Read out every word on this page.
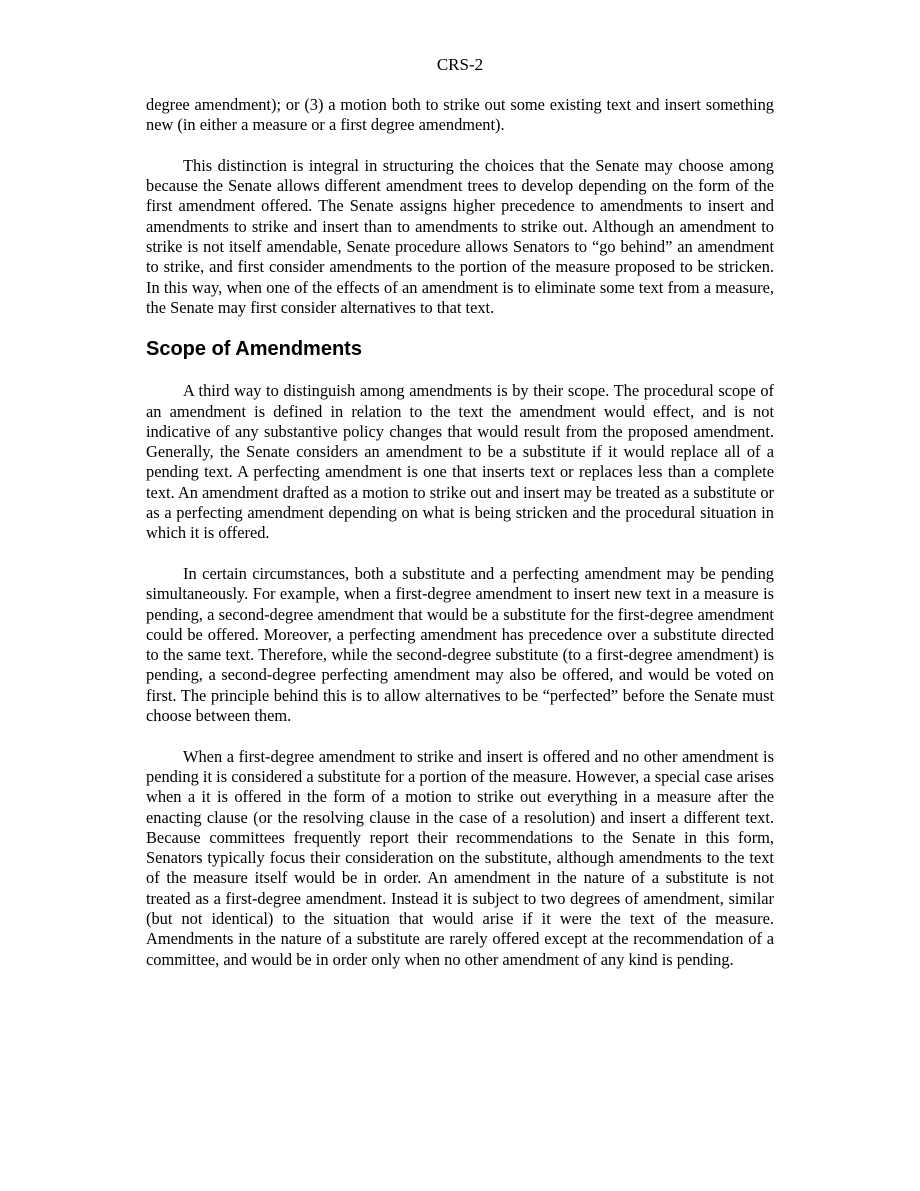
CRS-2

degree amendment); or (3) a motion both to strike out some existing text and insert something new (in either a measure or a first degree amendment).

This distinction is integral in structuring the choices that the Senate may choose among because the Senate allows different amendment trees to develop depending on the form of the first amendment offered. The Senate assigns higher precedence to amendments to insert and amendments to strike and insert than to amendments to strike out. Although an amendment to strike is not itself amendable, Senate procedure allows Senators to “go behind” an amendment to strike, and first consider amendments to the portion of the measure proposed to be stricken. In this way, when one of the effects of an amendment is to eliminate some text from a measure, the Senate may first consider alternatives to that text.

Scope of Amendments

A third way to distinguish among amendments is by their scope. The procedural scope of an amendment is defined in relation to the text the amendment would effect, and is not indicative of any substantive policy changes that would result from the proposed amendment. Generally, the Senate considers an amendment to be a substitute if it would replace all of a pending text. A perfecting amendment is one that inserts text or replaces less than a complete text. An amendment drafted as a motion to strike out and insert may be treated as a substitute or as a perfecting amendment depending on what is being stricken and the procedural situation in which it is offered.

In certain circumstances, both a substitute and a perfecting amendment may be pending simultaneously. For example, when a first-degree amendment to insert new text in a measure is pending, a second-degree amendment that would be a substitute for the first-degree amendment could be offered. Moreover, a perfecting amendment has precedence over a substitute directed to the same text. Therefore, while the second-degree substitute (to a first-degree amendment) is pending, a second-degree perfecting amendment may also be offered, and would be voted on first. The principle behind this is to allow alternatives to be “perfected” before the Senate must choose between them.

When a first-degree amendment to strike and insert is offered and no other amendment is pending it is considered a substitute for a portion of the measure. However, a special case arises when a it is offered in the form of a motion to strike out everything in a measure after the enacting clause (or the resolving clause in the case of a resolution) and insert a different text. Because committees frequently report their recommendations to the Senate in this form, Senators typically focus their consideration on the substitute, although amendments to the text of the measure itself would be in order. An amendment in the nature of a substitute is not treated as a first-degree amendment. Instead it is subject to two degrees of amendment, similar (but not identical) to the situation that would arise if it were the text of the measure. Amendments in the nature of a substitute are rarely offered except at the recommendation of a committee, and would be in order only when no other amendment of any kind is pending.
